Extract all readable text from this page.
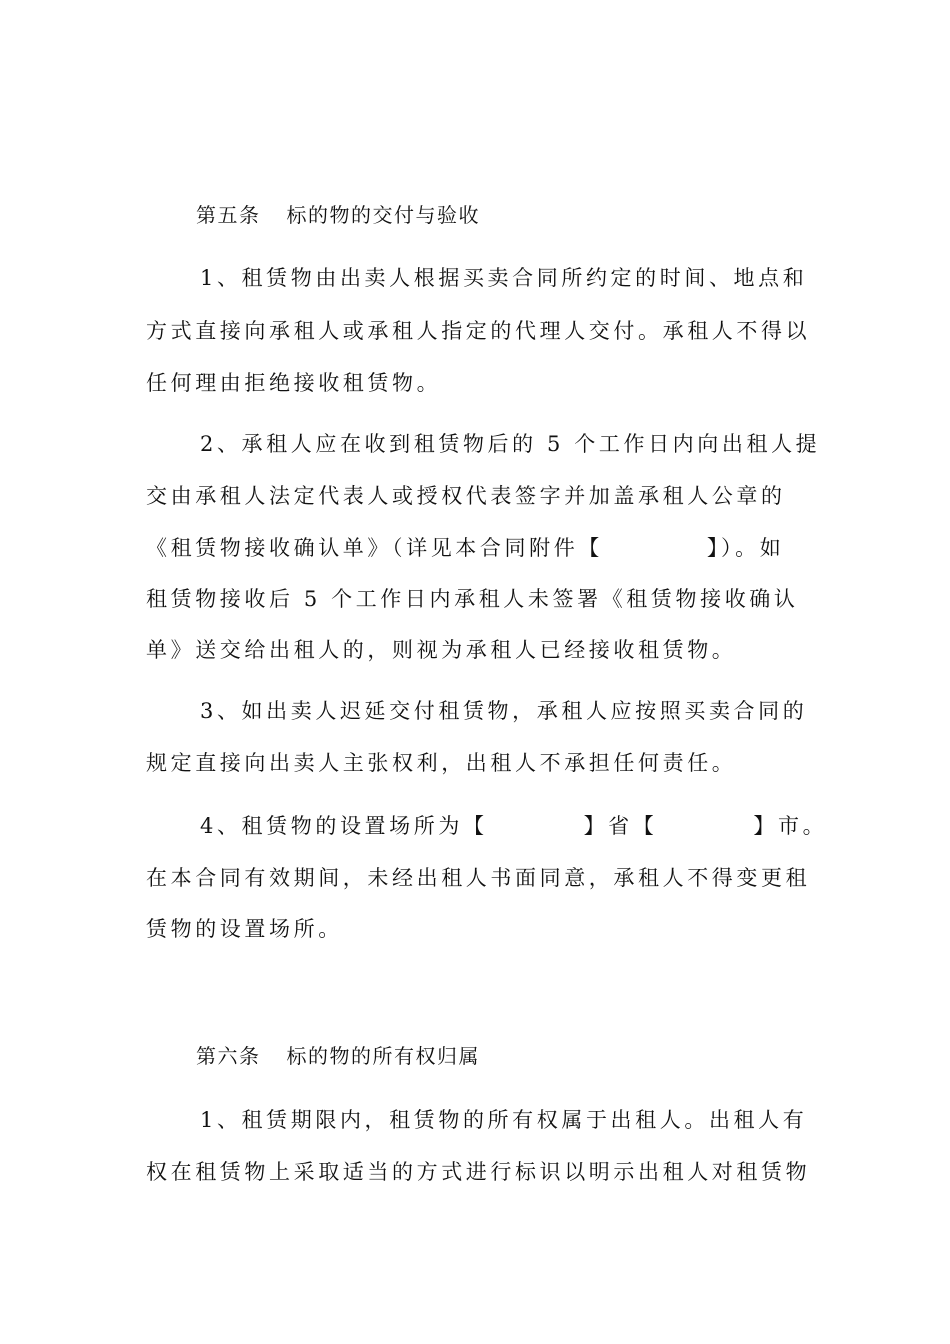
第五条 标的物的交付与验收
1、租赁物由出卖人根据买卖合同所约定的时间、地点和
方式直接向承租人或承租人指定的代理人交付。承租人不得以
任何理由拒绝接收租赁物。
2、承租人应在收到租赁物后的 5 个工作日内向出租人提
交由承租人法定代表人或授权代表签字并加盖承租人公章的
《租赁物接收确认单》（详见本合同附件【	】）。如
租赁物接收后 5 个工作日内承租人未签署《租赁物接收确认
单》送交给出租人的，则视为承租人已经接收租赁物。
3、如出卖人迟延交付租赁物，承租人应按照买卖合同的
规定直接向出卖人主张权利，出租人不承担任何责任。
4、租赁物的设置场所为【	】省【	】市。
在本合同有效期间，未经出租人书面同意，承租人不得变更租
赁物的设置场所。
第六条 标的物的所有权归属
1、租赁期限内，租赁物的所有权属于出租人。出租人有
权在租赁物上采取适当的方式进行标识以明示出租人对租赁物
